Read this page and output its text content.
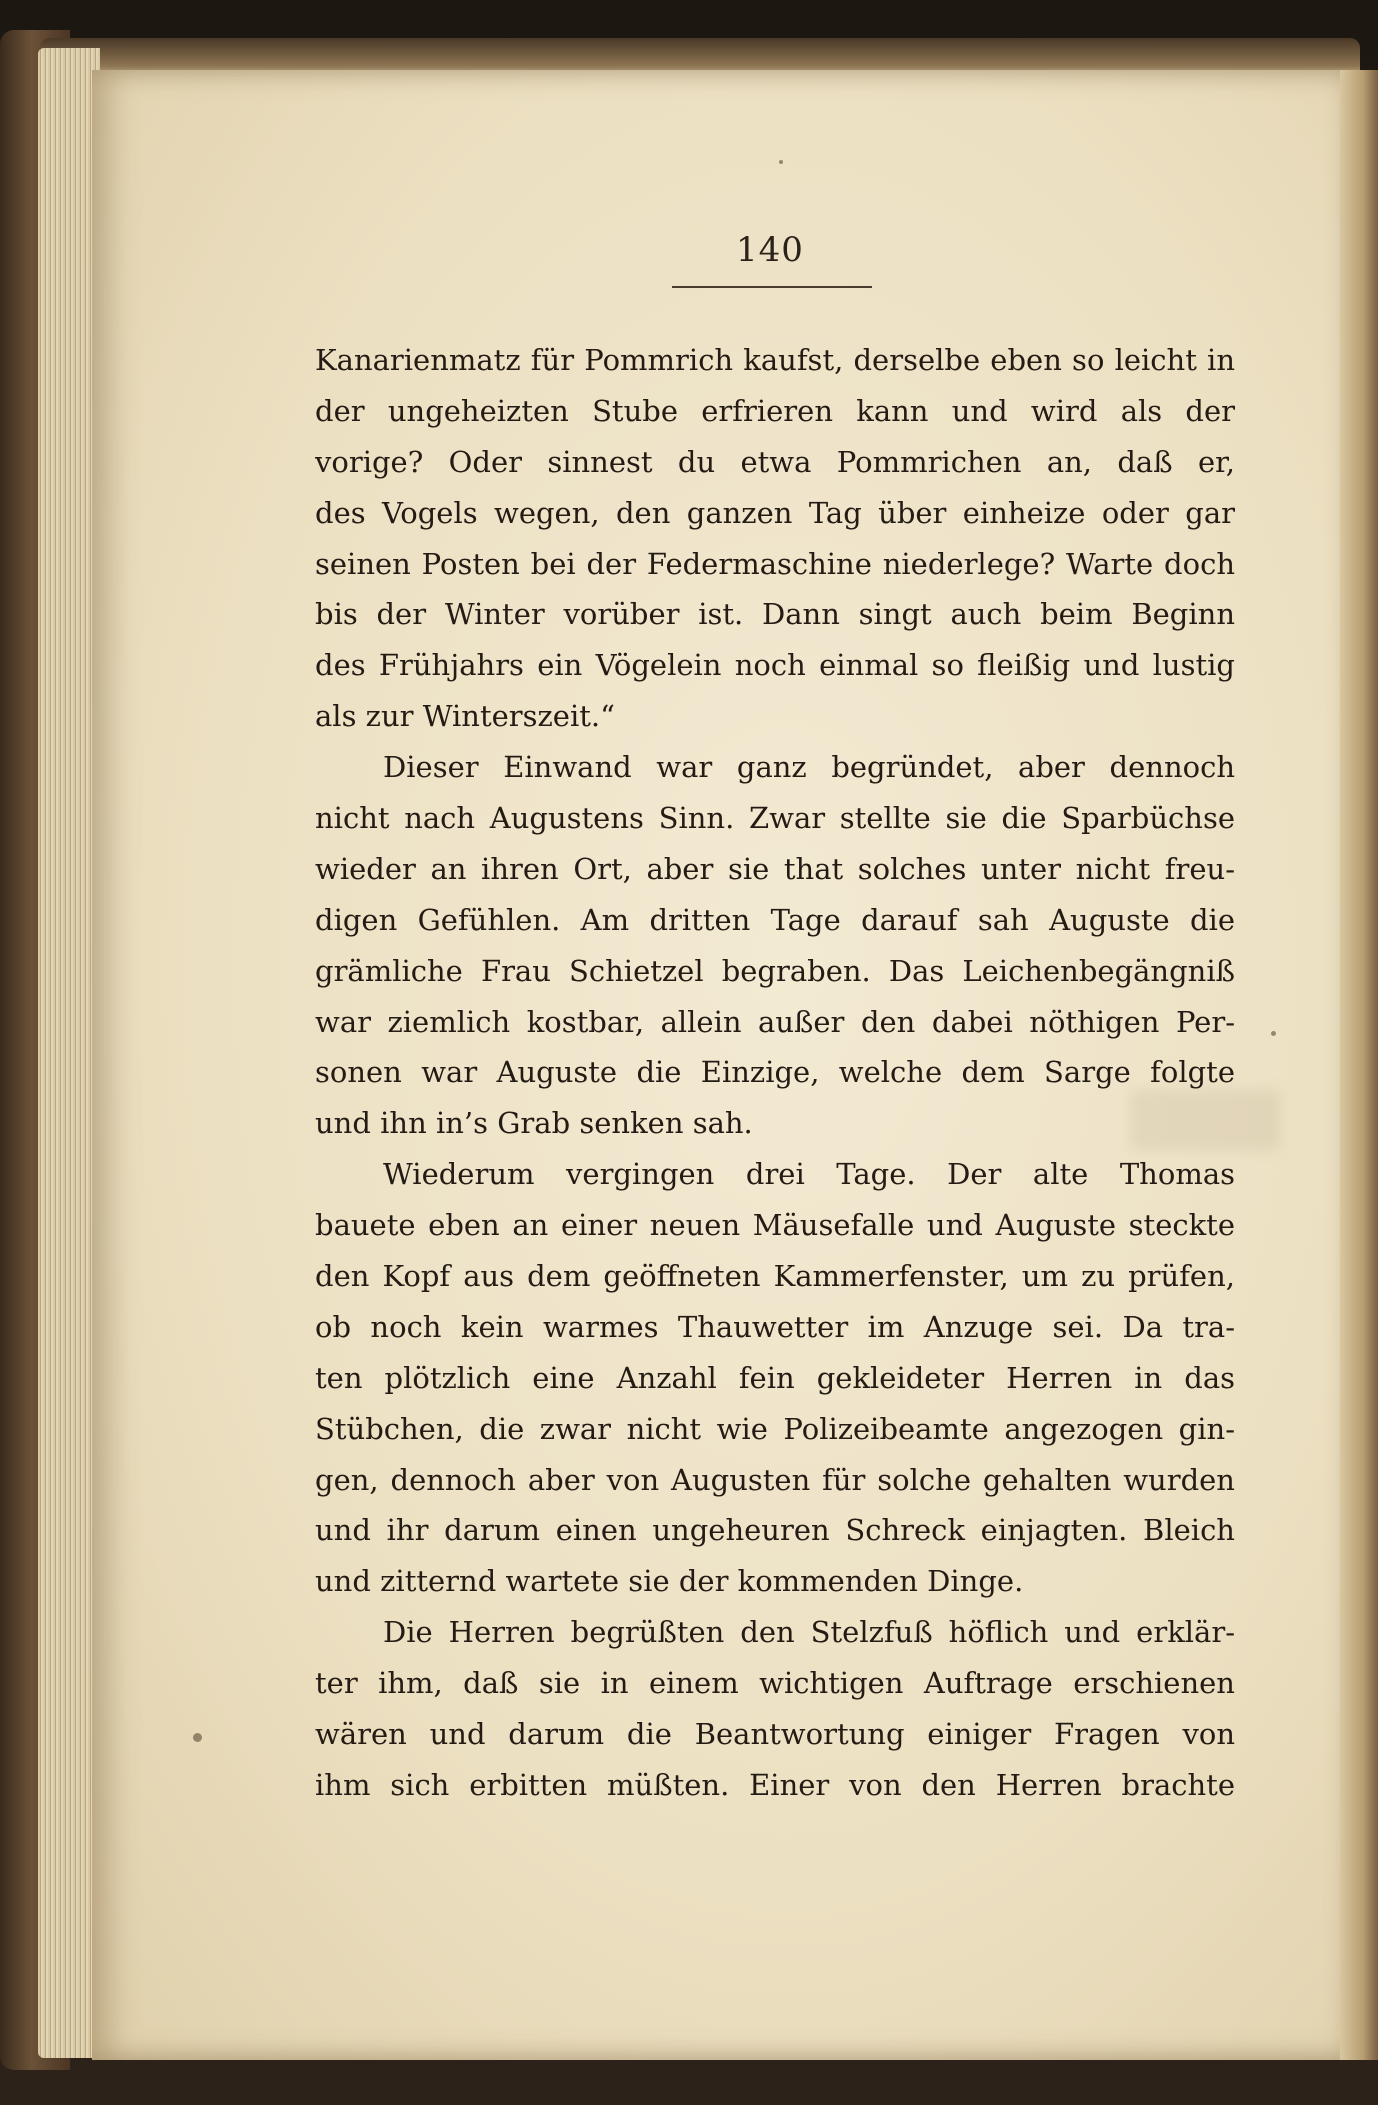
140
Kanarienmatz für Pommrich kaufst, derselbe eben so leicht in
der ungeheizten Stube erfrieren kann und wird als der
vorige? Oder sinnest du etwa Pommrichen an, daß er,
des Vogels wegen, den ganzen Tag über einheize oder gar
seinen Posten bei der Federmaschine niederlege? Warte doch
bis der Winter vorüber ist. Dann singt auch beim Beginn
des Frühjahrs ein Vögelein noch einmal so fleißig und lustig
als zur Winterszeit.“
Dieser Einwand war ganz begründet, aber dennoch
nicht nach Augustens Sinn. Zwar stellte sie die Sparbüchse
wieder an ihren Ort, aber sie that solches unter nicht freu-
digen Gefühlen. Am dritten Tage darauf sah Auguste die
grämliche Frau Schietzel begraben. Das Leichenbegängniß
war ziemlich kostbar, allein außer den dabei nöthigen Per-
sonen war Auguste die Einzige, welche dem Sarge folgte
und ihn in’s Grab senken sah.
Wiederum vergingen drei Tage. Der alte Thomas
bauete eben an einer neuen Mäusefalle und Auguste steckte
den Kopf aus dem geöffneten Kammerfenster, um zu prüfen,
ob noch kein warmes Thauwetter im Anzuge sei. Da tra-
ten plötzlich eine Anzahl fein gekleideter Herren in das
Stübchen, die zwar nicht wie Polizeibeamte angezogen gin-
gen, dennoch aber von Augusten für solche gehalten wurden
und ihr darum einen ungeheuren Schreck einjagten. Bleich
und zitternd wartete sie der kommenden Dinge.
Die Herren begrüßten den Stelzfuß höflich und erklär-
ter ihm, daß sie in einem wichtigen Auftrage erschienen
wären und darum die Beantwortung einiger Fragen von
ihm sich erbitten müßten. Einer von den Herren brachte
